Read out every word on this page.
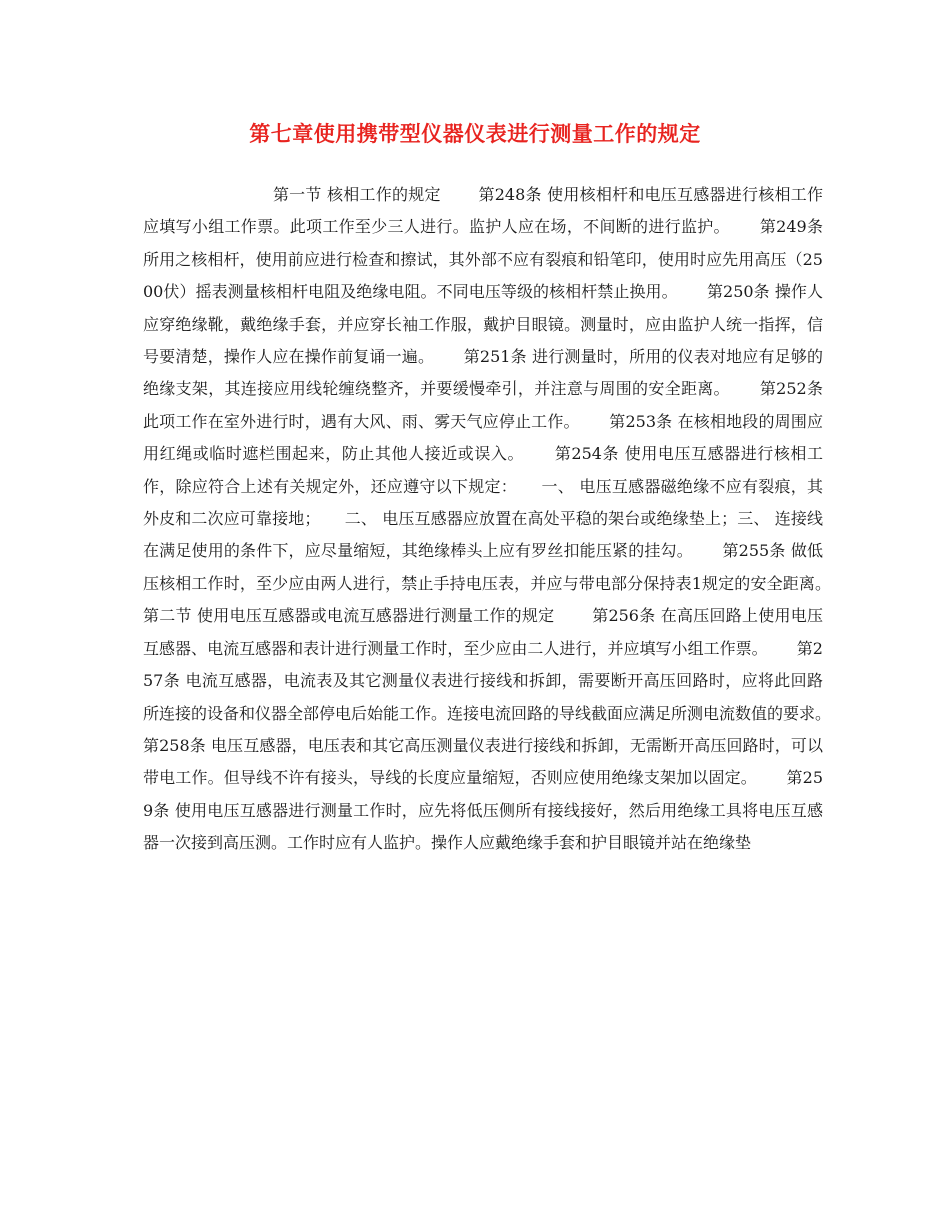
第七章使用携带型仪器仪表进行测量工作的规定
　　　　　　　　第一节 核相工作的规定　　 第248条 使用核相杆和电压互感器进行核相工作应填写小组工作票。此项工作至少三人进行。监护人应在场，不间断的进行监护。　　 第249条 所用之核相杆，使用前应进行检查和擦试，其外部不应有裂痕和铅笔印，使用时应先用高压（2500伏）摇表测量核相杆电阻及绝缘电阻。不同电压等级的核相杆禁止换用。　　 第250条 操作人应穿绝缘靴，戴绝缘手套，并应穿长袖工作服，戴护目眼镜。测量时，应由监护人统一指挥，信号要清楚，操作人应在操作前复诵一遍。　　 第251条 进行测量时，所用的仪表对地应有足够的绝缘支架，其连接应用线轮缠绕整齐，并要缓慢牵引，并注意与周围的安全距离。　　 第252条 此项工作在室外进行时，遇有大风、雨、雾天气应停止工作。　　 第253条 在核相地段的周围应用红绳或临时遮栏围起来，防止其他人接近或误入。　　 第254条 使用电压互感器进行核相工作，除应符合上述有关规定外，还应遵守以下规定：　　一、 电压互感器磁绝缘不应有裂痕，其外皮和二次应可靠接地；　　二、 电压互感器应放置在高处平稳的架台或绝缘垫上；三、 连接线在满足使用的条件下，应尽量缩短，其绝缘棒头上应有罗丝扣能压紧的挂勾。　　 第255条 做低压核相工作时，至少应由两人进行，禁止手持电压表，并应与带电部分保持表1规定的安全距离。　　 第二节 使用电压互感器或电流互感器进行测量工作的规定　　 第256条 在高压回路上使用电压互感器、电流互感器和表计进行测量工作时，至少应由二人进行，并应填写小组工作票。　　 第257条 电流互感器，电流表及其它测量仪表进行接线和拆卸，需要断开高压回路时，应将此回路所连接的设备和仪器全部停电后始能工作。连接电流回路的导线截面应满足所测电流数值的要求。　　 第258条 电压互感器，电压表和其它高压测量仪表进行接线和拆卸，无需断开高压回路时，可以带电工作。但导线不许有接头，导线的长度应量缩短，否则应使用绝缘支架加以固定。　　 第259条 使用电压互感器进行测量工作时，应先将低压侧所有接线接好，然后用绝缘工具将电压互感器一次接到高压测。工作时应有人监护。操作人应戴绝缘手套和护目眼镜并站在绝缘垫
